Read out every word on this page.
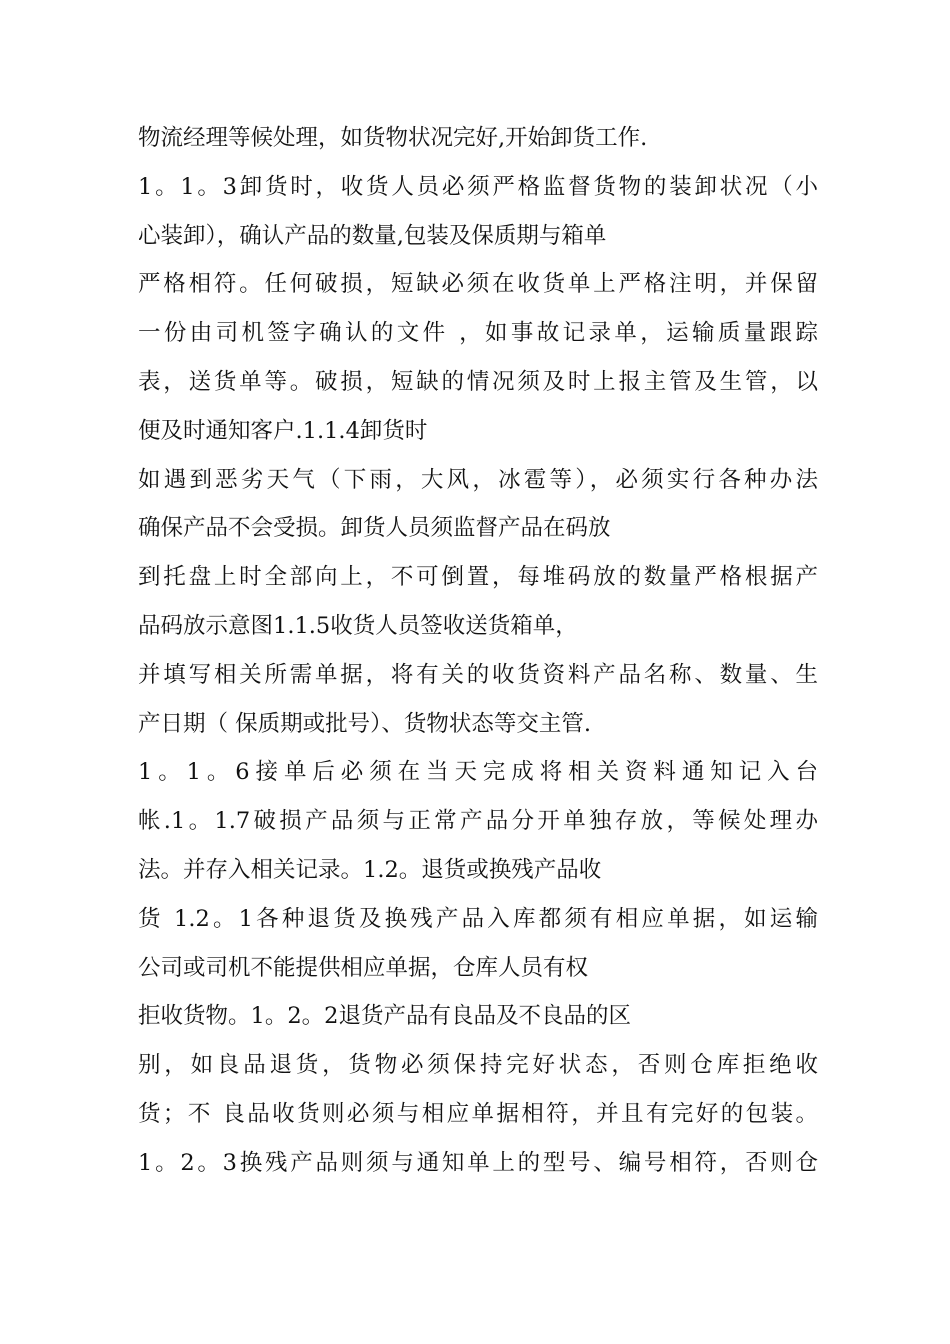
物流经理等候处理，如货物状况完好,开始卸货工作.
1。1。3卸货时，收货人员必须严格监督货物的装卸状况（小
心装卸），确认产品的数量,包装及保质期与箱单
严格相符。任何破损，短缺必须在收货单上严格注明，并保留
一份由司机签字确认的文件 ，如事故记录单，运输质量跟踪
表，送货单等。破损，短缺的情况须及时上报主管及生管，以
便及时通知客户.1.1.4卸货时
如遇到恶劣天气（下雨，大风，冰雹等），必须实行各种办法
确保产品不会受损。卸货人员须监督产品在码放
到托盘上时全部向上，不可倒置，每堆码放的数量严格根据产
品码放示意图1.1.5收货人员签收送货箱单，
并填写相关所需单据，将有关的收货资料产品名称、数量、生
产日期（ 保质期或批号）、货物状态等交主管.
1。1。6接单后必须在当天完成将相关资料通知记入台
帐.1。1.7破损产品须与正常产品分开单独存放，等候处理办
法。并存入相关记录。1.2。退货或换残产品收
货 1.2。1各种退货及换残产品入库都须有相应单据，如运输
公司或司机不能提供相应单据，仓库人员有权
拒收货物。1。2。2退货产品有良品及不良品的区
别，如良品退货，货物必须保持完好状态，否则仓库拒绝收
货；不 良品收货则必须与相应单据相符，并且有完好的包装。
1。2。3换残产品则须与通知单上的型号、编号相符，否则仓
